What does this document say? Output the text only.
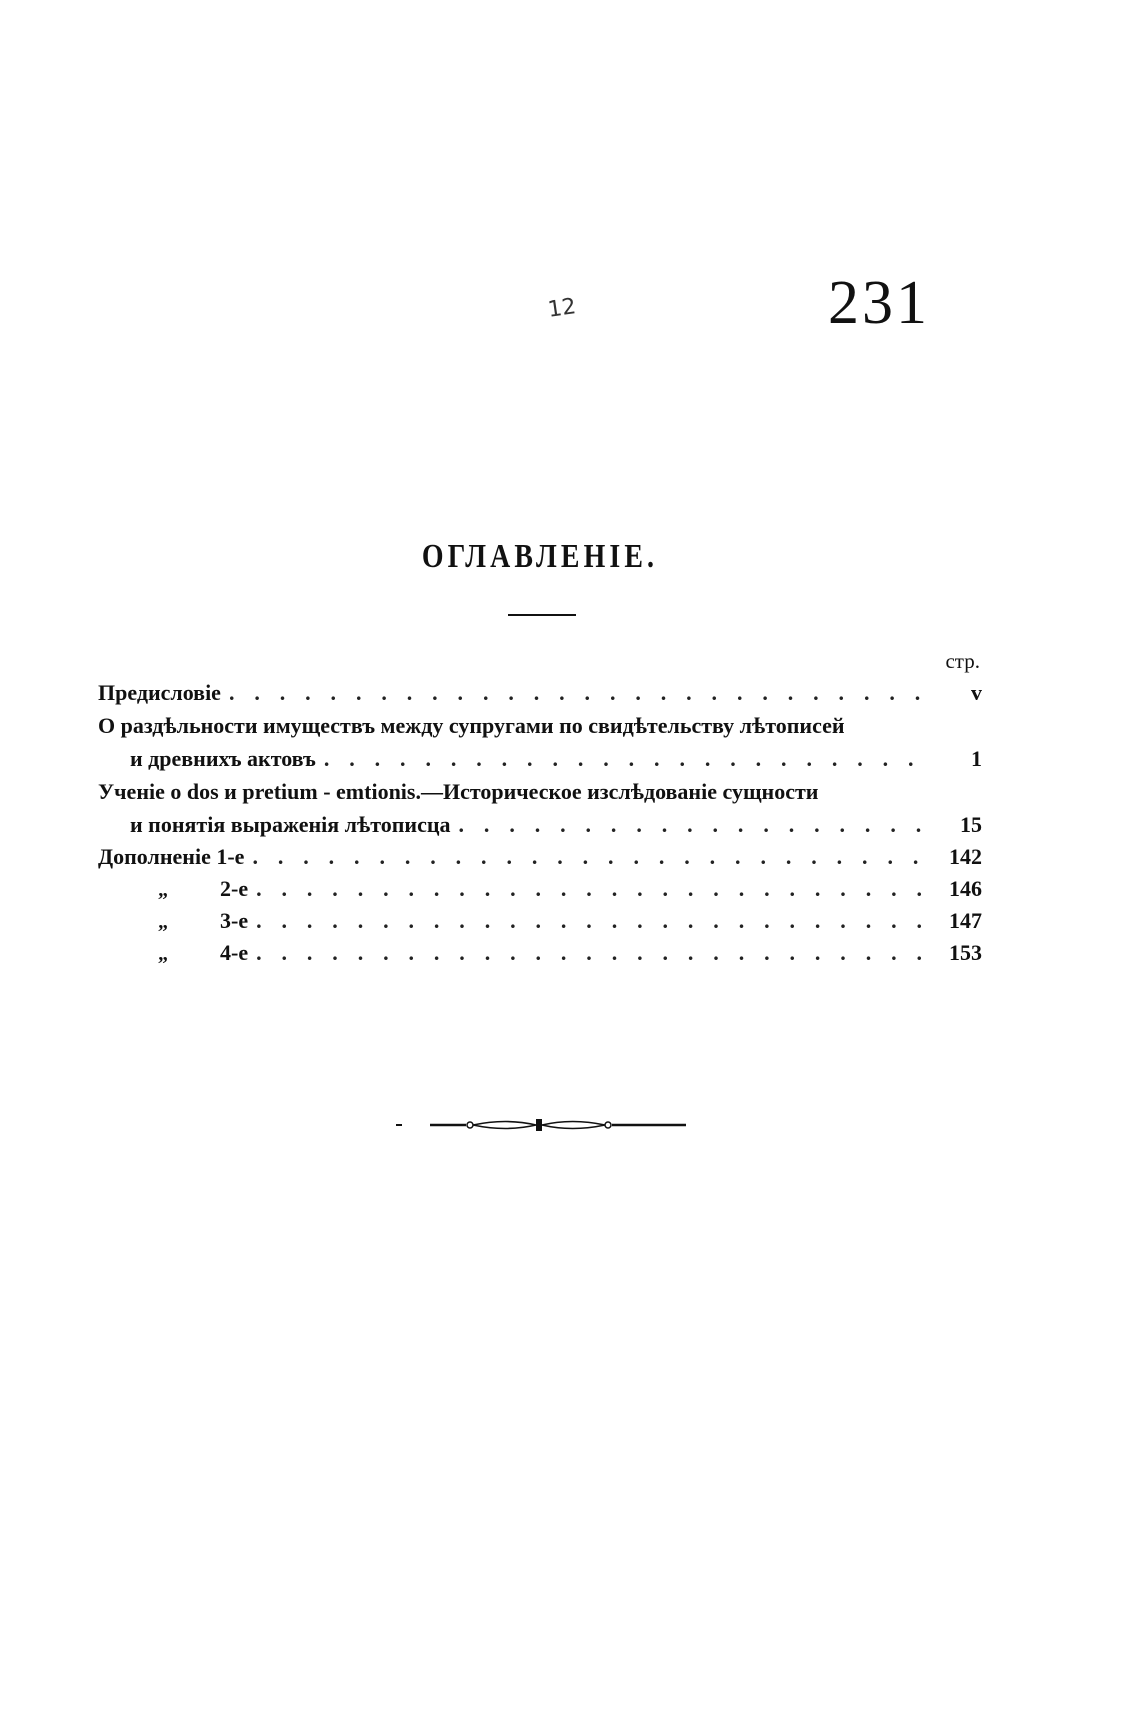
12	231
ОГЛАВЛЕНІЕ.
стр.
Предисловіе . . .	v
О раздѣльности имуществъ между супругами по свидѣтельству лѣтописей
и древнихъ актовъ . . .	1
Ученіе о dos и pretium - emtionis.—Историческое изслѣдованіе сущности
и понятія выраженія лѣтописца . . .	15
Дополненіе 1-е . . .	142
„ 2-е . . .	146
„ 3-е . . .	147
„ 4-е . . .	153
